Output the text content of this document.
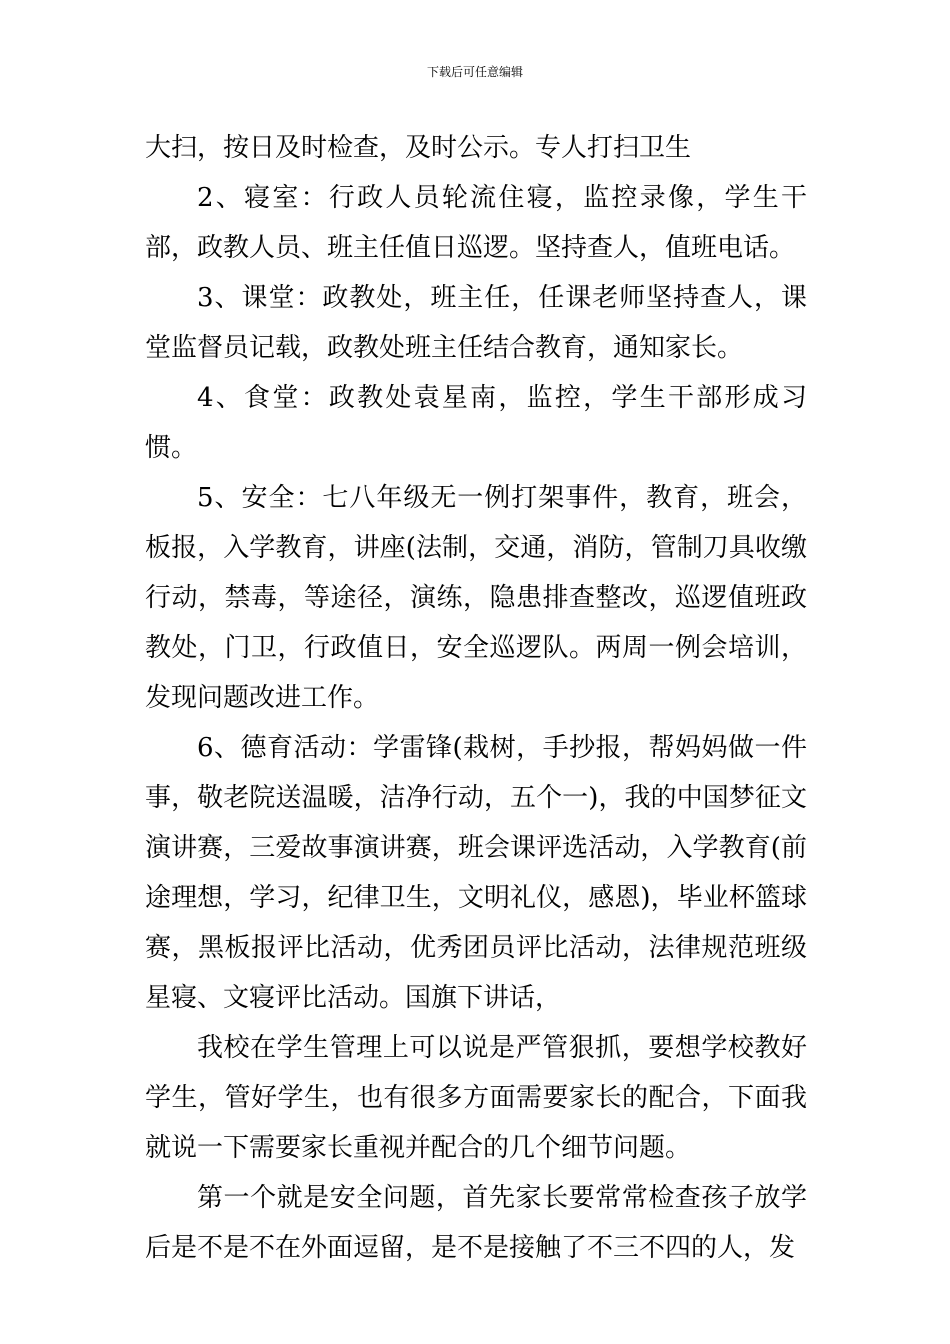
下载后可任意编辑

大扫，按日及时检查，及时公示。专人打扫卫生

2、寝室：行政人员轮流住寝，监控录像，学生干部，政教人员、班主任值日巡逻。坚持查人，值班电话。

3、课堂：政教处，班主任，任课老师坚持查人，课堂监督员记载，政教处班主任结合教育，通知家长。

4、食堂：政教处袁星南，监控，学生干部形成习惯。

5、安全：七八年级无一例打架事件，教育，班会，板报，入学教育，讲座(法制，交通，消防，管制刀具收缴行动，禁毒，等途径，演练，隐患排查整改，巡逻值班政教处，门卫，行政值日，安全巡逻队。两周一例会培训，发现问题改进工作。

6、德育活动：学雷锋(栽树，手抄报，帮妈妈做一件事，敬老院送温暖，洁净行动，五个一)，我的中国梦征文演讲赛，三爱故事演讲赛，班会课评选活动，入学教育(前途理想，学习，纪律卫生，文明礼仪，感恩)，毕业杯篮球赛，黑板报评比活动，优秀团员评比活动，法律规范班级星寝、文寝评比活动。国旗下讲话，

我校在学生管理上可以说是严管狠抓，要想学校教好学生，管好学生，也有很多方面需要家长的配合，下面我就说一下需要家长重视并配合的几个细节问题。

第一个就是安全问题，首先家长要常常检查孩子放学后是不是不在外面逗留，是不是接触了不三不四的人，发
